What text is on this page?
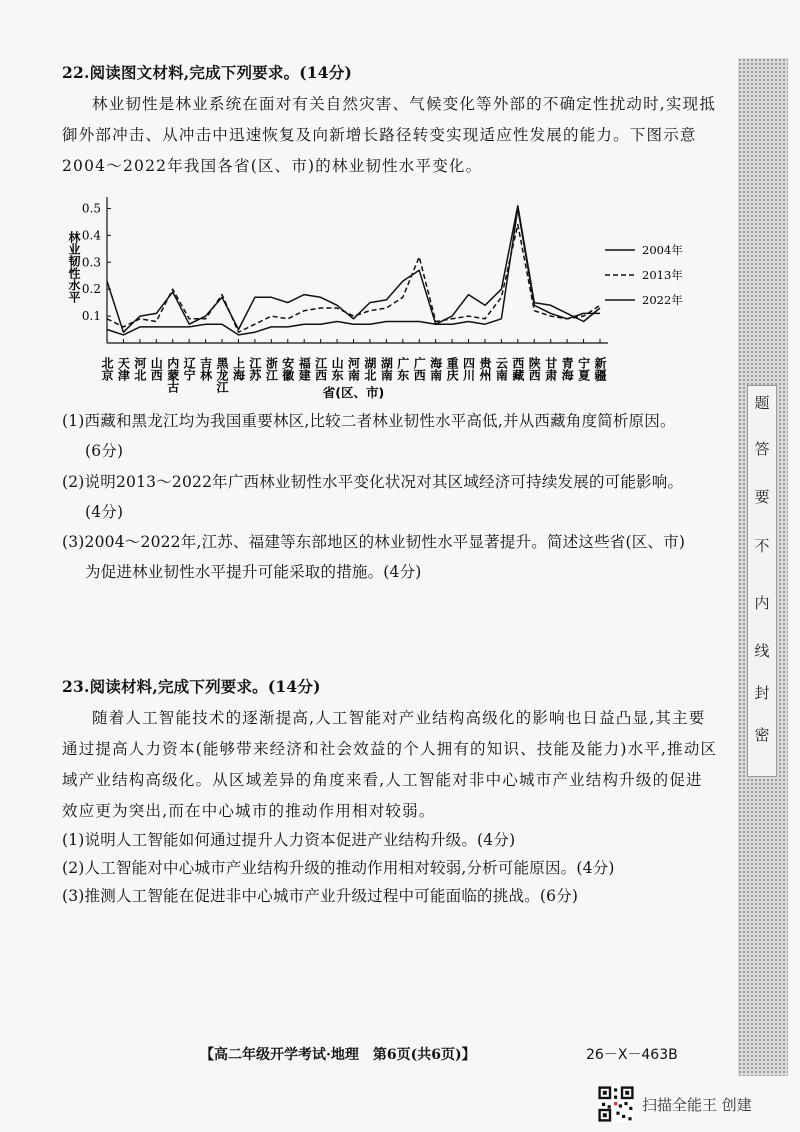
22.阅读图文材料,完成下列要求。(14分)
林业韧性是林业系统在面对有关自然灾害、气候变化等外部的不确定性扰动时,实现抵
御外部冲击、从冲击中迅速恢复及向新增长路径转变实现适应性发展的能力。下图示意
2004～2022年我国各省(区、市)的林业韧性水平变化。
0.1
0.2
0.3
0.4
0.5
林业韧性水平
北京 天津 河北 山西 内蒙古 辽宁 吉林 黑龙江 上海 江苏 浙江 安徽 福建 江西 山东 河南 湖北 湖南 广东 广西 海南 重庆 四川 贵州 云南 西藏 陕西 甘肃 青海 宁夏 新疆
省(区、市)
2004年
2013年
2022年
(1)西藏和黑龙江均为我国重要林区,比较二者林业韧性水平高低,并从西藏角度简析原因。
(6分)
(2)说明2013～2022年广西林业韧性水平变化状况对其区域经济可持续发展的可能影响。
(4分)
(3)2004～2022年,江苏、福建等东部地区的林业韧性水平显著提升。简述这些省(区、市)
为促进林业韧性水平提升可能采取的措施。(4分)
23.阅读材料,完成下列要求。(14分)
随着人工智能技术的逐渐提高,人工智能对产业结构高级化的影响也日益凸显,其主要
通过提高人力资本(能够带来经济和社会效益的个人拥有的知识、技能及能力)水平,推动区
域产业结构高级化。从区域差异的角度来看,人工智能对非中心城市产业结构升级的促进
效应更为突出,而在中心城市的推动作用相对较弱。
(1)说明人工智能如何通过提升人力资本促进产业结构升级。(4分)
(2)人工智能对中心城市产业结构升级的推动作用相对较弱,分析可能原因。(4分)
(3)推测人工智能在促进非中心城市产业升级过程中可能面临的挑战。(6分)
密
封
线
内
不
要
答
题
【高二年级开学考试·地理　第6页(共6页)】	26－X－463B
扫描全能王 创建
